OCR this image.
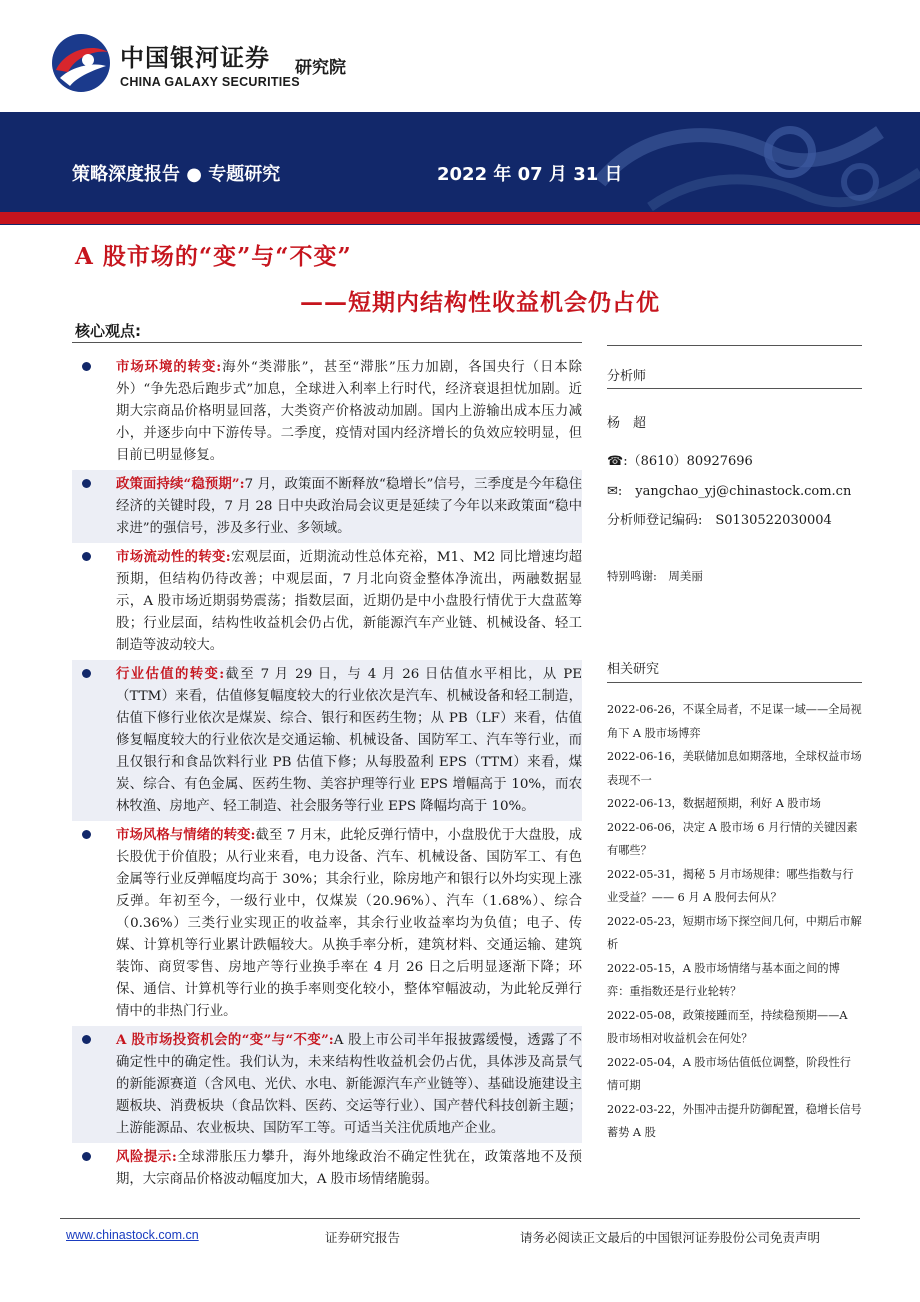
中国银河证券
CHINA GALAXY SECURITIES
研究院
策略深度报告 ● 专题研究	2022 年 07 月 31 日
A 股市场的“变”与“不变”
——短期内结构性收益机会仍占优
核心观点:
市场环境的转变:海外“类滞胀”，甚至“滞胀”压力加剧，各国央行（日本除外）“争先恐后跑步式”加息，全球进入利率上行时代，经济衰退担忧加剧。近期大宗商品价格明显回落，大类资产价格波动加剧。国内上游输出成本压力减小，并逐步向中下游传导。二季度，疫情对国内经济增长的负效应较明显，但目前已明显修复。
政策面持续“稳预期”:7 月，政策面不断释放“稳增长”信号，三季度是今年稳住经济的关键时段，7 月 28 日中央政治局会议更是延续了今年以来政策面“稳中求进”的强信号，涉及多行业、多领域。
市场流动性的转变:宏观层面，近期流动性总体充裕，M1、M2 同比增速均超预期，但结构仍待改善；中观层面，7 月北向资金整体净流出，两融数据显示，A 股市场近期弱势震荡；指数层面，近期仍是中小盘股行情优于大盘蓝筹股；行业层面，结构性收益机会仍占优，新能源汽车产业链、机械设备、轻工制造等波动较大。
行业估值的转变:截至 7 月 29 日，与 4 月 26 日估值水平相比，从 PE（TTM）来看，估值修复幅度较大的行业依次是汽车、机械设备和轻工制造，估值下修行业依次是煤炭、综合、银行和医药生物；从 PB（LF）来看，估值修复幅度较大的行业依次是交通运输、机械设备、国防军工、汽车等行业，而且仅银行和食品饮料行业 PB 估值下修；从每股盈利 EPS（TTM）来看，煤炭、综合、有色金属、医药生物、美容护理等行业 EPS 增幅高于 10%，而农林牧渔、房地产、轻工制造、社会服务等行业 EPS 降幅均高于 10%。
市场风格与情绪的转变:截至 7 月末，此轮反弹行情中，小盘股优于大盘股，成长股优于价值股；从行业来看，电力设备、汽车、机械设备、国防军工、有色金属等行业反弹幅度均高于 30%；其余行业，除房地产和银行以外均实现上涨反弹。年初至今，一级行业中，仅煤炭（20.96%）、汽车（1.68%）、综合（0.36%）三类行业实现正的收益率，其余行业收益率均为负值；电子、传媒、计算机等行业累计跌幅较大。从换手率分析，建筑材料、交通运输、建筑装饰、商贸零售、房地产等行业换手率在 4 月 26 日之后明显逐渐下降；环保、通信、计算机等行业的换手率则变化较小，整体窄幅波动，为此轮反弹行情中的非热门行业。
A 股市场投资机会的“变”与“不变”:A 股上市公司半年报披露缓慢，透露了不确定性中的确定性。我们认为，未来结构性收益机会仍占优，具体涉及高景气的新能源赛道（含风电、光伏、水电、新能源汽车产业链等）、基础设施建设主题板块、消费板块（食品饮料、医药、交运等行业）、国产替代科技创新主题；上游能源品、农业板块、国防军工等。可适当关注优质地产企业。
风险提示:全球滞胀压力攀升，海外地缘政治不确定性犹在，政策落地不及预期，大宗商品价格波动幅度加大，A 股市场情绪脆弱。
分析师
杨　超
☎:（8610）80927696
✉:　yangchao_yj@chinastock.com.cn
分析师登记编码:　S0130522030004
特别鸣谢:　周美丽
相关研究
2022-06-26，不谋全局者，不足谋一域——全局视角下 A 股市场博弈
2022-06-16，美联储加息如期落地，全球权益市场表现不一
2022-06-13，数据超预期，利好 A 股市场
2022-06-06，决定 A 股市场 6 月行情的关键因素有哪些？
2022-05-31，揭秘 5 月市场规律：哪些指数与行业受益？—— 6 月 A 股何去何从？
2022-05-23，短期市场下探空间几何，中期后市解析
2022-05-15，A 股市场情绪与基本面之间的博弈：重指数还是行业轮转？
2022-05-08，政策接踵而至，持续稳预期——A 股市场相对收益机会在何处？
2022-05-04，A 股市场估值低位调整，阶段性行情可期
2022-03-22，外围冲击提升防御配置，稳增长信号蓄势 A 股
www.chinastock.com.cn	证券研究报告	请务必阅读正文最后的中国银河证券股份公司免责声明
